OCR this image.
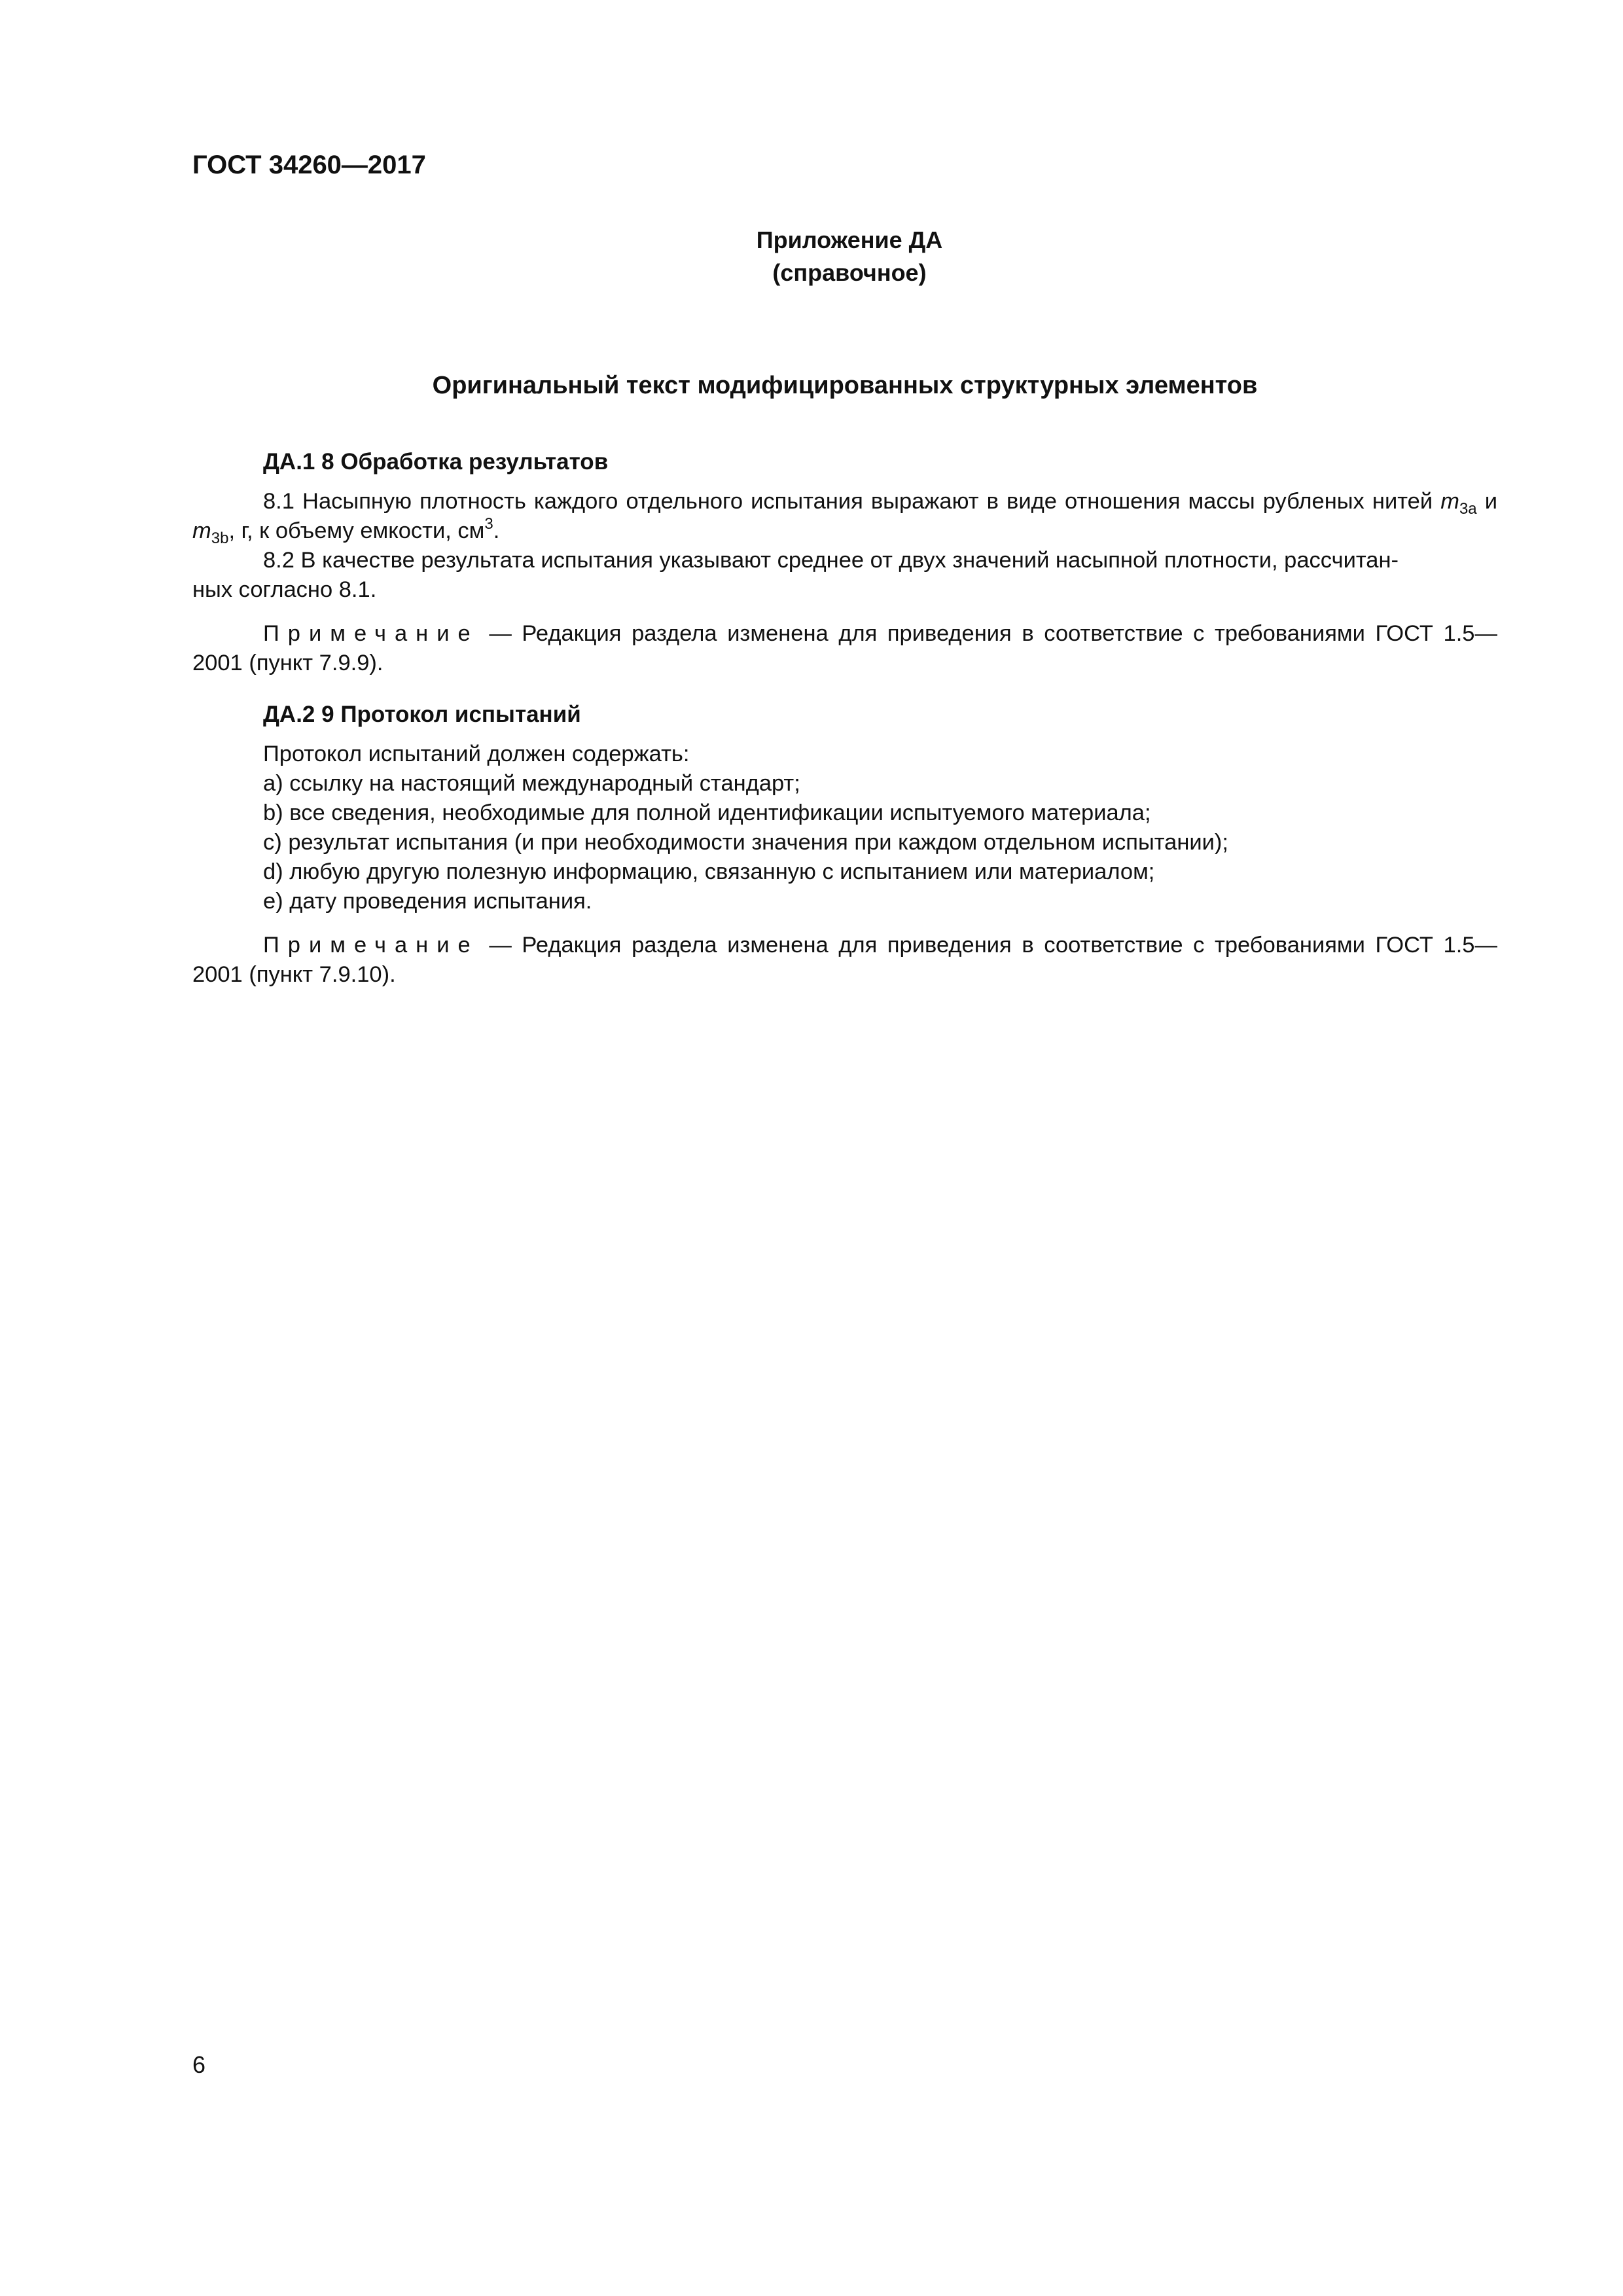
ГОСТ 34260—2017
Приложение ДА
(справочное)
Оригинальный текст модифицированных структурных элементов

ДА.1 8 Обработка результатов

8.1 Насыпную плотность каждого отдельного испытания выражают в виде отношения массы рубленых нитей $m_{3a}$ и $m_{3b}$, г, к объему емкости, $см^3$.

8.2 В качестве результата испытания указывают среднее от двух значений насыпной плотности, рассчитан-

ных согласно 8.1.

Примечание — Редакция раздела изменена для приведения в соответствие с требованиями ГОСТ 1.5—2001 (пункт 7.9.9).

ДА.2 9 Протокол испытаний

Протокол испытаний должен содержать:

a) ссылку на настоящий международный стандарт;

b) все сведения, необходимые для полной идентификации испытуемого материала;

c) результат испытания (и при необходимости значения при каждом отдельном испытании);

d) любую другую полезную информацию, связанную с испытанием или материалом;

e) дату проведения испытания.

Примечание — Редакция раздела изменена для приведения в соответствие с требованиями ГОСТ 1.5—2001 (пункт 7.9.10).

6
